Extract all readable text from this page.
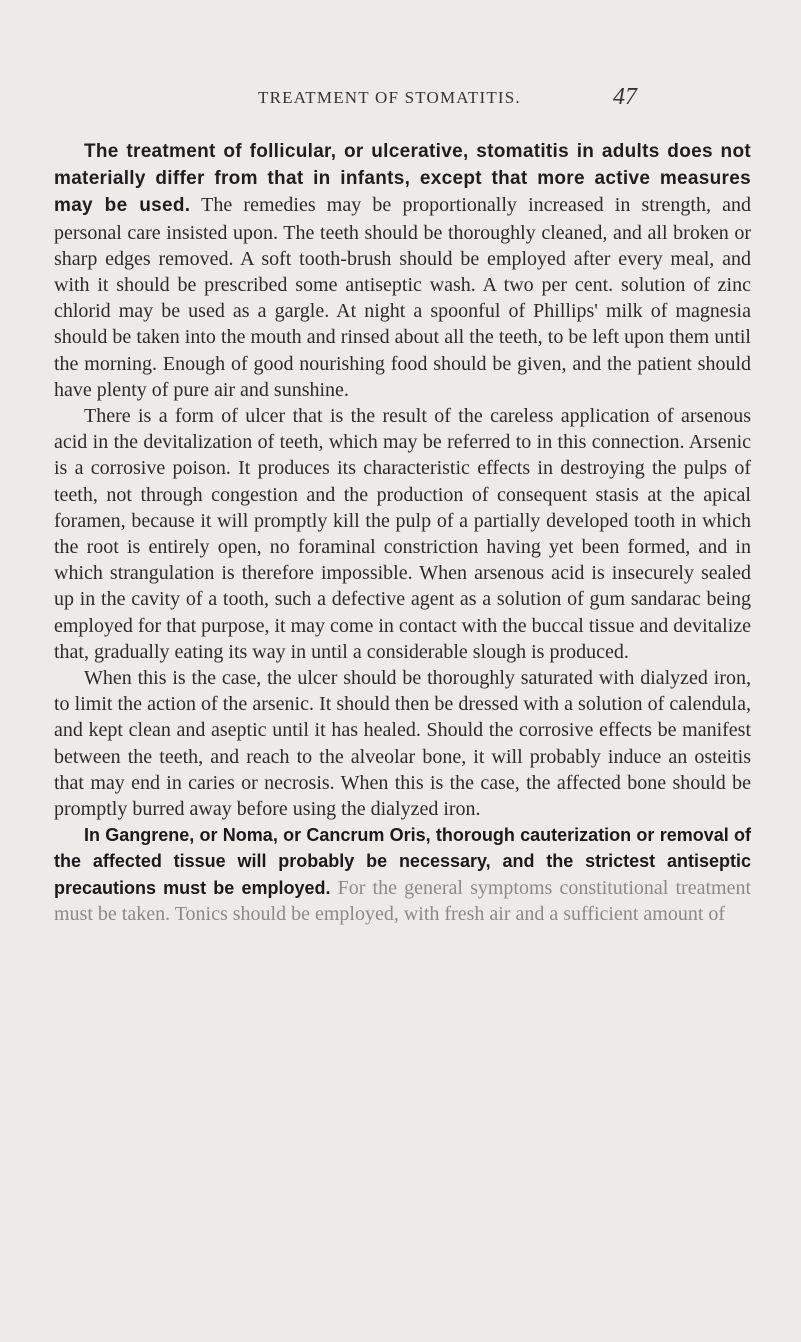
TREATMENT OF STOMATITIS.	47

The treatment of follicular, or ulcerative, stomatitis in adults does not materially differ from that in infants, except that more active measures may be used. The remedies may be proportionally increased in strength, and personal care insisted upon. The teeth should be thoroughly cleaned, and all broken or sharp edges removed. A soft tooth-brush should be employed after every meal, and with it should be prescribed some antiseptic wash. A two per cent. solution of zinc chlorid may be used as a gargle. At night a spoonful of Phillips' milk of magnesia should be taken into the mouth and rinsed about all the teeth, to be left upon them until the morning. Enough of good nourishing food should be given, and the patient should have plenty of pure air and sunshine.

There is a form of ulcer that is the result of the careless application of arsenous acid in the devitalization of teeth, which may be referred to in this connection. Arsenic is a corrosive poison. It produces its characteristic effects in destroying the pulps of teeth, not through congestion and the production of consequent stasis at the apical foramen, because it will promptly kill the pulp of a partially developed tooth in which the root is entirely open, no foraminal constriction having yet been formed, and in which strangulation is therefore impossible. When arsenous acid is insecurely sealed up in the cavity of a tooth, such a defective agent as a solution of gum sandarac being employed for that purpose, it may come in contact with the buccal tissue and devitalize that, gradually eating its way in until a considerable slough is produced.

When this is the case, the ulcer should be thoroughly saturated with dialyzed iron, to limit the action of the arsenic. It should then be dressed with a solution of calendula, and kept clean and aseptic until it has healed. Should the corrosive effects be manifest between the teeth, and reach to the alveolar bone, it will probably induce an osteitis that may end in caries or necrosis. When this is the case, the affected bone should be promptly burred away before using the dialyzed iron.

In Gangrene, or Noma, or Cancrum Oris, thorough cauterization or removal of the affected tissue will probably be necessary, and the strictest antiseptic precautions must be employed. For the general symptoms constitutional treatment must be taken. Tonics should be employed, with fresh air and a sufficient amount of
